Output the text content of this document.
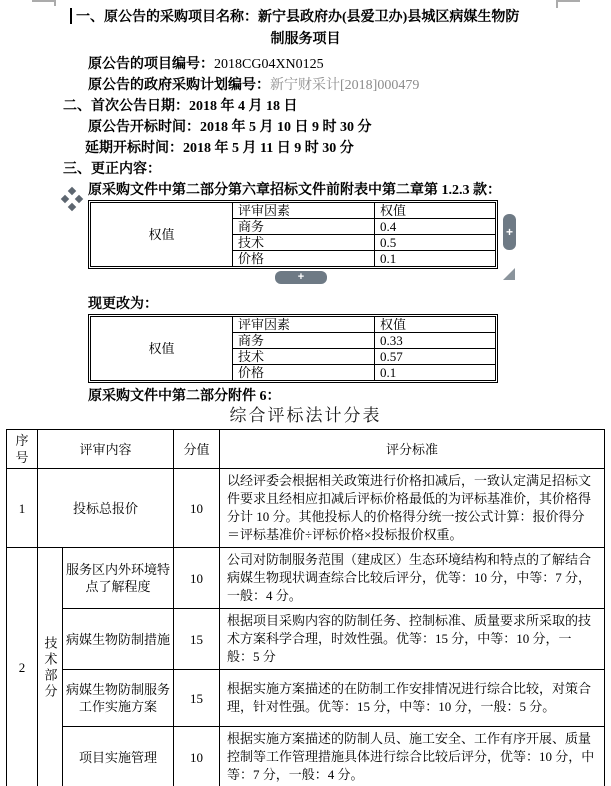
一、原公告的采购项目名称：新宁县政府办(县爱卫办)县城区病媒生物防
制服务项目
原公告的项目编号：2018CG04XN0125
原公告的政府采购计划编号：新宁财采计[2018]000479
二、首次公告日期：2018 年 4 月 18 日
原公告开标时间：2018 年 5 月 10 日 9 时 30 分
延期开标时间：2018 年 5 月 11 日 9 时 30 分
三、更正内容：
原采购文件中第二部分第六章招标文件前附表中第二章第 1.2.3 款：
权值	评审因素	权值
	商务	0.4
	技术	0.5
	价格	0.1
+
+
现更改为：
权值	评审因素	权值
	商务	0.33
	技术	0.57
	价格	0.1
原采购文件中第二部分附件 6：
综合评标法计分表
序号	评审内容		分值	评分标准
1	投标总报价		10	以经评委会根据相关政策进行价格扣减后，一致认定满足招标文件要求且经相应扣减后评标价格最低的为评标基准价，其价格得分计 10 分。其他投标人的价格得分统一按公式计算：报价得分＝评标基准价÷评标价格×投标报价权重。
2	技术部分	服务区内外环境特点了解程度	10	公司对防制服务范围（建成区）生态环境结构和特点的了解结合病媒生物现状调查综合比较后评分，优等：10 分，中等：7 分，一般：4 分。
		病媒生物防制措施	15	根据项目采购内容的防制任务、控制标准、质量要求所采取的技术方案科学合理，时效性强。优等：15 分，中等：10 分，一般：5 分
		病媒生物防制服务工作实施方案	15	根据实施方案描述的在防制工作安排情况进行综合比较，对策合理，针对性强。优等：15 分，中等：10 分，一般：5 分。
		项目实施管理	10	根据实施方案描述的防制人员、施工安全、工作有序开展、质量控制等工作管理措施具体进行综合比较后评分，优等：10 分，中等：7 分，一般：4 分。
